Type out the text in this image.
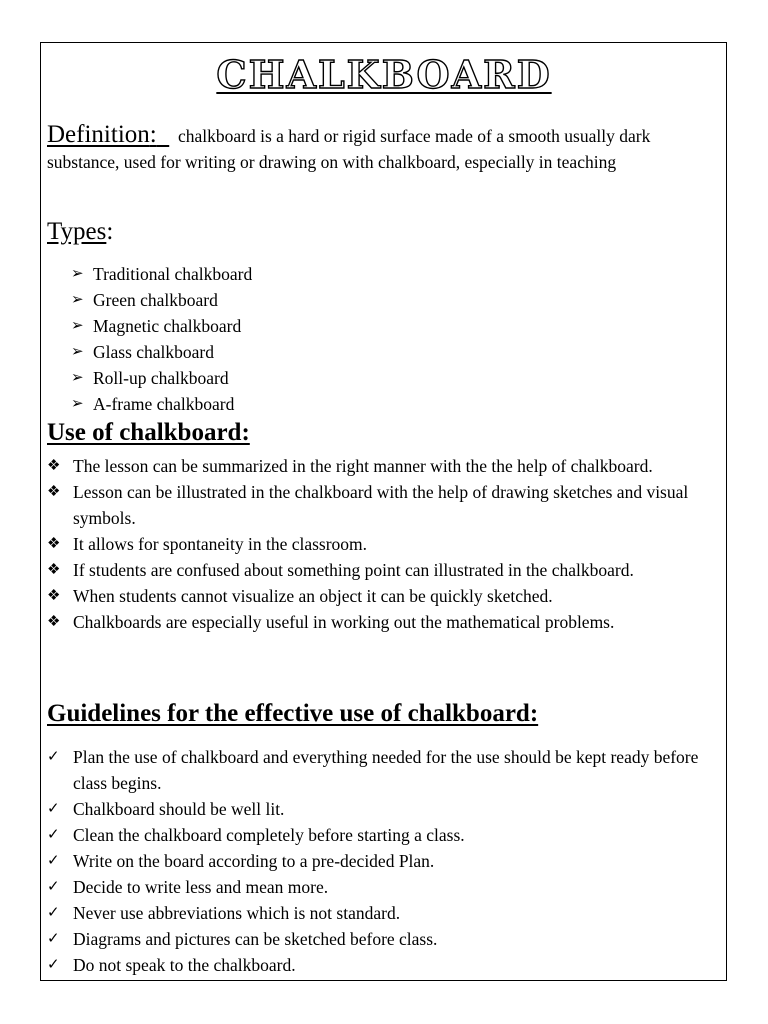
CHALKBOARD
Definition: chalkboard is a hard or rigid surface made of a smooth usually dark substance, used for writing or drawing on with chalkboard, especially in teaching
Types:
➢ Traditional chalkboard
➢ Green chalkboard
➢ Magnetic chalkboard
➢ Glass chalkboard
➢ Roll-up chalkboard
➢ A-frame chalkboard
Use of chalkboard:
❖ The lesson can be summarized in the right manner with the the help of chalkboard.
❖ Lesson can be illustrated in the chalkboard with the help of drawing sketches and visual symbols.
❖ It allows for spontaneity in the classroom.
❖ If students are confused about something point can illustrated in the chalkboard.
❖ When students cannot visualize an object it can be quickly sketched.
❖ Chalkboards are especially useful in working out the mathematical problems.
Guidelines for the effective use of chalkboard:
✓ Plan the use of chalkboard and everything needed for the use should be kept ready before class begins.
✓ Chalkboard should be well lit.
✓ Clean the chalkboard completely before starting a class.
✓ Write on the board according to a pre-decided Plan.
✓ Decide to write less and mean more.
✓ Never use abbreviations which is not standard.
✓ Diagrams and pictures can be sketched before class.
✓ Do not speak to the chalkboard.
